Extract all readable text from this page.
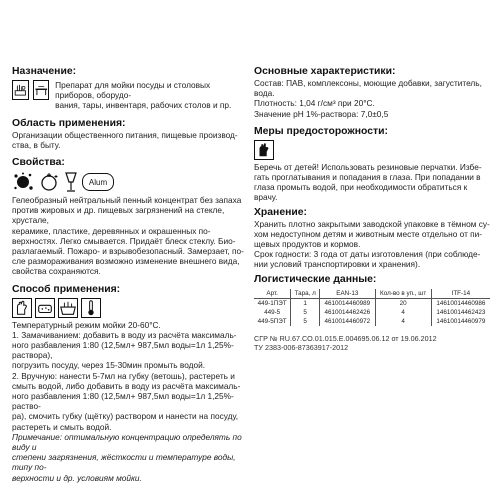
Назначение:

Препарат для мойки посуды и столовых приборов, оборудо-

вания, тары, инвентаря, рабочих столов и пр.

Область применения:

Организации общественного питания, пищевые производ-

ства, в быту.

Свойства:

Alum

Гелеобразный нейтральный пенный концентрат без запаха

против жировых и др. пищевых загрязнений на стекле, хрусталe,

керамике, пластике, деревянных и окрашенных по-

верхностях. Легко смывается. Придаёт блеск стеклу. Био-

разлагаемый. Пожаро- и взрывобезопасный. Замерзает, по-

сле размораживания возможно изменение внешнего вида,

свойства сохраняются.

Способ применения:

Температурный режим мойки 20-60°С.

1. Замачиванием: добавить в воду из расчёта максималь-

ного разбавления 1:80 (12,5мл+ 987,5мл воды=1л 1,25%-раствора),

погрузить посуду, через 15-30мин промыть водой.

2. Вручную: нанести 5-7мл на губку (ветошь), растереть и

смыть водой, либо добавить в воду из расчёта максималь-

ного разбавления 1:80 (12,5мл+ 987,5мл воды=1л 1,25%-раство-

ра), смочить губку (щётку) раствором и нанести на посуду,

растереть и смыть водой.

Примечание: оптимальную концентрацию определять по виду и

степени загрязнения, жёсткости и температуре воды, типу по-

верхности и др. условиям мойки.

Основные характеристики:

Состав: ПАВ, комплексоны, моющие добавки, загуститель,

вода.

Плотность: 1,04 г/см³ при 20°С.

Значение рН 1%-раствора: 7,0±0,5

Меры предосторожности:

Беречь от детей! Использовать резиновые перчатки. Избе-

гать проглатывания и попадания в глаза. При попадании в

глаза промыть водой, при необходимости обратиться к

врачу.

Хранение:

Хранить плотно закрытыми заводской упаковке в тёмном су-

хом недоступном детям и животным месте отдельно от пи-

щевых продуктов и кормов.

Срок годности: 3 года от даты изготовления (при соблюде-

нии условий транспортировки и хранения).

Логистические данные:

Арт.	Тара, л	EAN-13	Кол-во в уп., шт	ITF-14
449-1ПЭТ	1	4610014460989	20	14610014460986
449-5	5	4610014462426	4	14610014462423
449-5ПЭТ	5	4610014460972	4	14610014460979

СГР № RU.67.CO.01.015.E.004695.06.12 от 19.06.2012

ТУ 2383-006-87363917-2012
